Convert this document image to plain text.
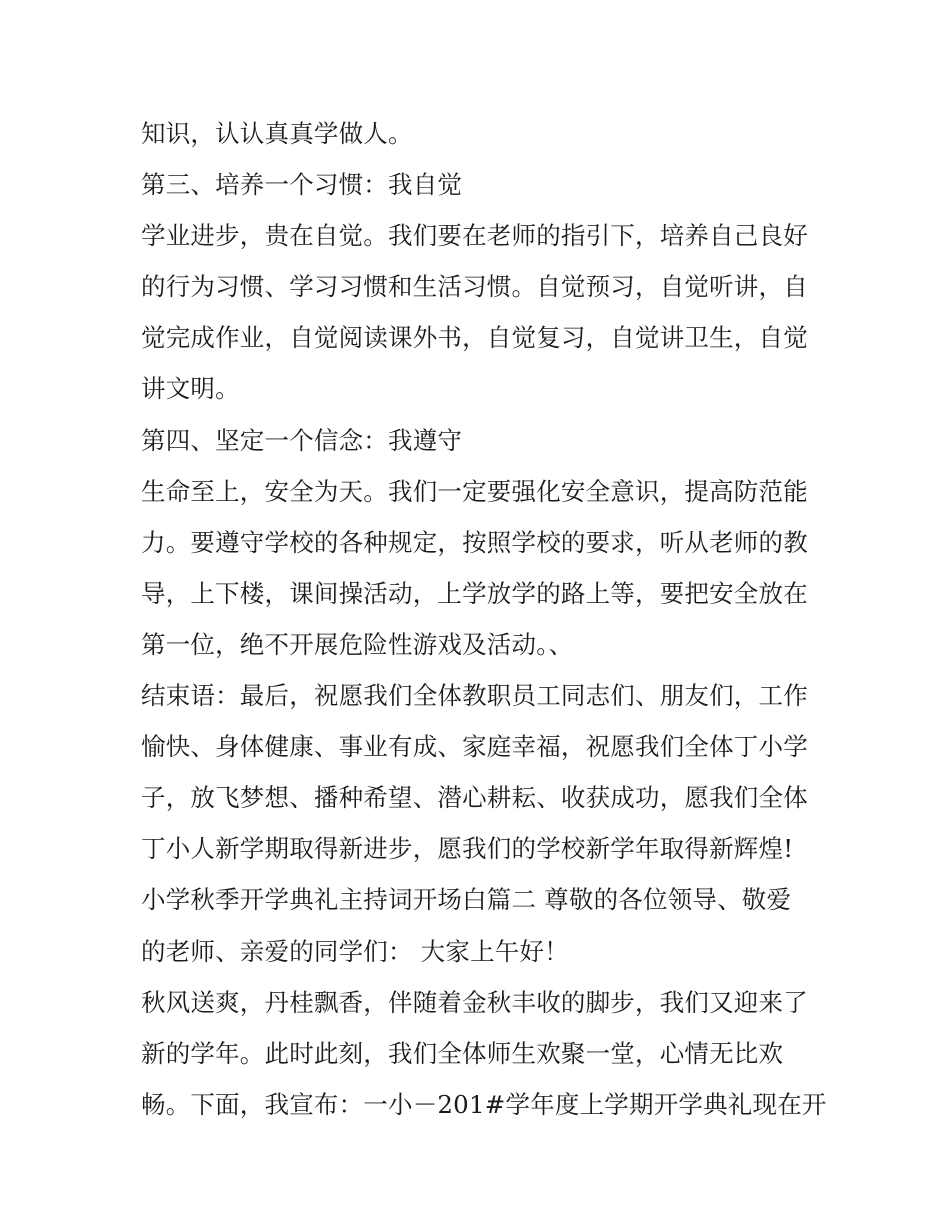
知识，认认真真学做人。
第三、培养一个习惯：我自觉
学业进步，贵在自觉。我们要在老师的指引下，培养自己良好
的行为习惯、学习习惯和生活习惯。自觉预习，自觉听讲，自
觉完成作业，自觉阅读课外书，自觉复习，自觉讲卫生，自觉
讲文明。
第四、坚定一个信念：我遵守
生命至上，安全为天。我们一定要强化安全意识，提高防范能
力。要遵守学校的各种规定，按照学校的要求，听从老师的教
导，上下楼，课间操活动，上学放学的路上等，要把安全放在
第一位，绝不开展危险性游戏及活动。、
结束语：最后，祝愿我们全体教职员工同志们、朋友们，工作
愉快、身体健康、事业有成、家庭幸福，祝愿我们全体丁小学
子，放飞梦想、播种希望、潜心耕耘、收获成功，愿我们全体
丁小人新学期取得新进步，愿我们的学校新学年取得新辉煌!
小学秋季开学典礼主持词开场白篇二 尊敬的各位领导、敬爱
的老师、亲爱的同学们： 大家上午好！
秋风送爽，丹桂飘香，伴随着金秋丰收的脚步，我们又迎来了
新的学年。此时此刻，我们全体师生欢聚一堂，心情无比欢
畅。下面，我宣布：一小－201#学年度上学期开学典礼现在开
